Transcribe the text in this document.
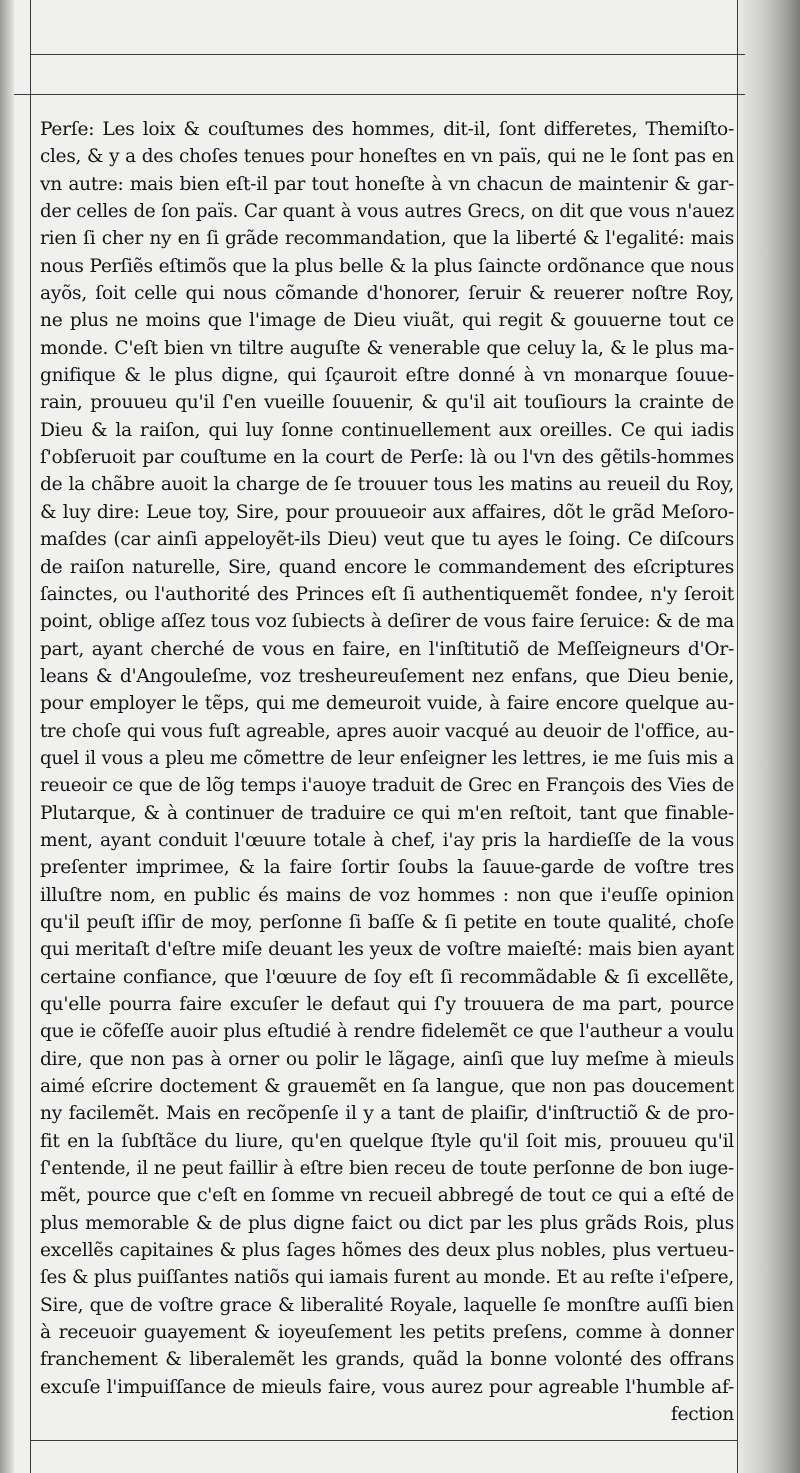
Perſe: Les loix & couſtumes des hommes, dit-il, ſont differetes, Themiſto-
cles, & y a des choſes tenues pour honeſtes en vn païs, qui ne le ſont pas en
vn autre: mais bien eſt-il par tout honeſte à vn chacun de maintenir & gar-
der celles de ſon païs. Car quant à vous autres Grecs, on dit que vous n'auez
rien ſi cher ny en ſi grãde recommandation, que la liberté & l'egalité: mais
nous Perſiẽs eſtimõs que la plus belle & la plus ſaincte ordõnance que nous
ayõs, ſoit celle qui nous cõmande d'honorer, ſeruir & reuerer noſtre Roy,
ne plus ne moins que l'image de Dieu viuãt, qui regit & gouuerne tout ce
monde. C'eſt bien vn tiltre auguſte & venerable que celuy la, & le plus ma-
gnifique & le plus digne, qui ſçauroit eſtre donné à vn monarque ſouue-
rain, prouueu qu'il ſ'en vueille ſouuenir, & qu'il ait touſiours la crainte de
Dieu & la raiſon, qui luy ſonne continuellement aux oreilles. Ce qui iadis
ſ'obſeruoit par couſtume en la court de Perſe: là ou l'vn des gẽtils-hommes
de la chãbre auoit la charge de ſe trouuer tous les matins au reueil du Roy,
& luy dire: Leue toy, Sire, pour prouueoir aux affaires, dõt le grãd Meſoro-
maſdes (car ainſi appeloyẽt-ils Dieu) veut que tu ayes le ſoing. Ce diſcours
de raiſon naturelle, Sire, quand encore le commandement des eſcriptures
ſainctes, ou l'authorité des Princes eſt ſi authentiquemẽt fondee, n'y ſeroit
point, oblige aſſez tous voz ſubiects à deſirer de vous faire ſeruice: & de ma
part, ayant cherché de vous en faire, en l'inſtitutiõ de Meſſeigneurs d'Or-
leans & d'Angouleſme, voz tresheureuſement nez enfans, que Dieu benie,
pour employer le tẽps, qui me demeuroit vuide, à faire encore quelque au-
tre choſe qui vous fuſt agreable, apres auoir vacqué au deuoir de l'office, au-
quel il vous a pleu me cõmettre de leur enſeigner les lettres, ie me ſuis mis a
reueoir ce que de lõg temps i'auoye traduit de Grec en François des Vies de
Plutarque, & à continuer de traduire ce qui m'en reſtoit, tant que finable-
ment, ayant conduit l'œuure totale à chef, i'ay pris la hardieſſe de la vous
preſenter imprimee, & la faire ſortir ſoubs la ſauue-garde de voſtre tres
illuſtre nom, en public és mains de voz hommes : non que i'euſſe opinion
qu'il peuſt iſſir de moy, perſonne ſi baſſe & ſi petite en toute qualité, choſe
qui meritaſt d'eſtre miſe deuant les yeux de voſtre maieſté: mais bien ayant
certaine confiance, que l'œuure de ſoy eſt ſi recommãdable & ſi excellẽte,
qu'elle pourra faire excuſer le defaut qui ſ'y trouuera de ma part, pource
que ie cõfeſſe auoir plus eſtudié à rendre fidelemẽt ce que l'autheur a voulu
dire, que non pas à orner ou polir le lãgage, ainſi que luy meſme à mieuls
aimé eſcrire doctement & grauemẽt en ſa langue, que non pas doucement
ny facilemẽt. Mais en recõpenſe il y a tant de plaiſir, d'inſtructiõ & de pro-
fit en la ſubſtãce du liure, qu'en quelque ſtyle qu'il ſoit mis, prouueu qu'il
ſ'entende, il ne peut faillir à eſtre bien receu de toute perſonne de bon iuge-
mẽt, pource que c'eſt en ſomme vn recueil abbregé de tout ce qui a eſté de
plus memorable & de plus digne faict ou dict par les plus grãds Rois, plus
excellẽs capitaines & plus ſages hõmes des deux plus nobles, plus vertueu-
ſes & plus puiſſantes natiõs qui iamais furent au monde. Et au reſte i'eſpere,
Sire, que de voſtre grace & liberalité Royale, laquelle ſe monſtre auſſi bien
à receuoir guayement & ioyeuſement les petits preſens, comme à donner
franchement & liberalemẽt les grands, quãd la bonne volonté des offrans
excuſe l'impuiſſance de mieuls faire, vous aurez pour agreable l'humble af-
fection
